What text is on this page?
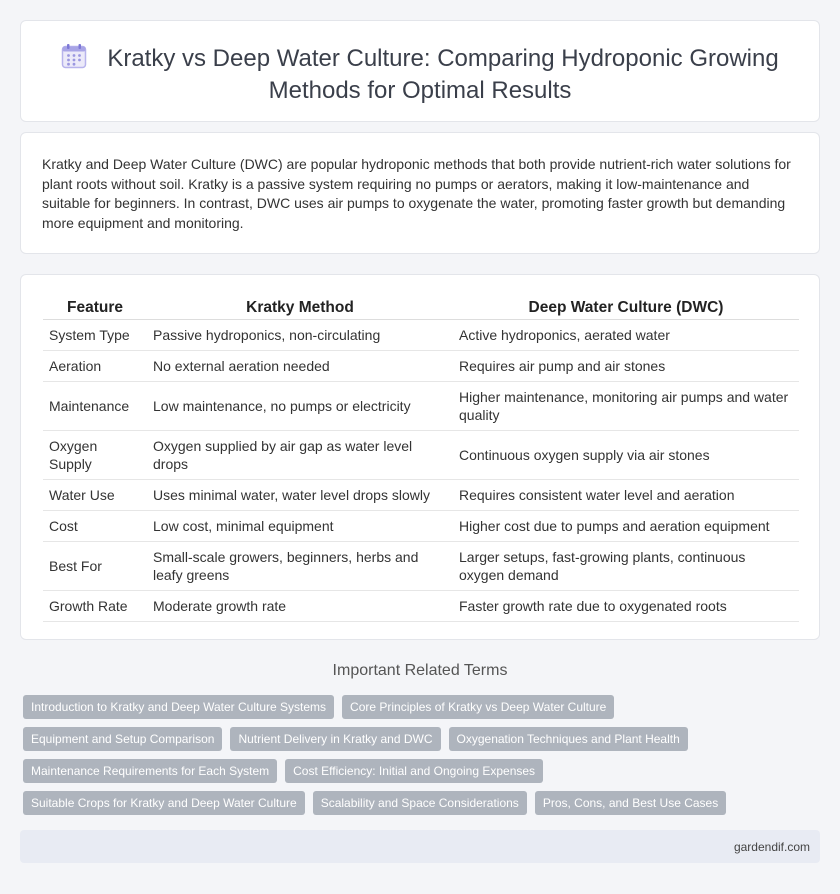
Kratky vs Deep Water Culture: Comparing Hydroponic Growing
Methods for Optimal Results

Kratky and Deep Water Culture (DWC) are popular hydroponic methods that both provide nutrient-rich water solutions for plant roots without soil. Kratky is a passive system requiring no pumps or aerators, making it low-maintenance and suitable for beginners. In contrast, DWC uses air pumps to oxygenate the water, promoting faster growth but demanding more equipment and monitoring.

Feature	Kratky Method	Deep Water Culture (DWC)
System Type	Passive hydroponics, non-circulating	Active hydroponics, aerated water
Aeration	No external aeration needed	Requires air pump and air stones
Maintenance	Low maintenance, no pumps or electricity	Higher maintenance, monitoring air pumps and water quality
Oxygen Supply	Oxygen supplied by air gap as water level drops	Continuous oxygen supply via air stones
Water Use	Uses minimal water, water level drops slowly	Requires consistent water level and aeration
Cost	Low cost, minimal equipment	Higher cost due to pumps and aeration equipment
Best For	Small-scale growers, beginners, herbs and leafy greens	Larger setups, fast-growing plants, continuous oxygen demand
Growth Rate	Moderate growth rate	Faster growth rate due to oxygenated roots
Important Related Terms
Introduction to Kratky and Deep Water Culture Systems	Core Principles of Kratky vs Deep Water Culture
Equipment and Setup Comparison	Nutrient Delivery in Kratky and DWC	Oxygenation Techniques and Plant Health
Maintenance Requirements for Each System	Cost Efficiency: Initial and Ongoing Expenses
Suitable Crops for Kratky and Deep Water Culture	Scalability and Space Considerations	Pros, Cons, and Best Use Cases
gardendif.com
